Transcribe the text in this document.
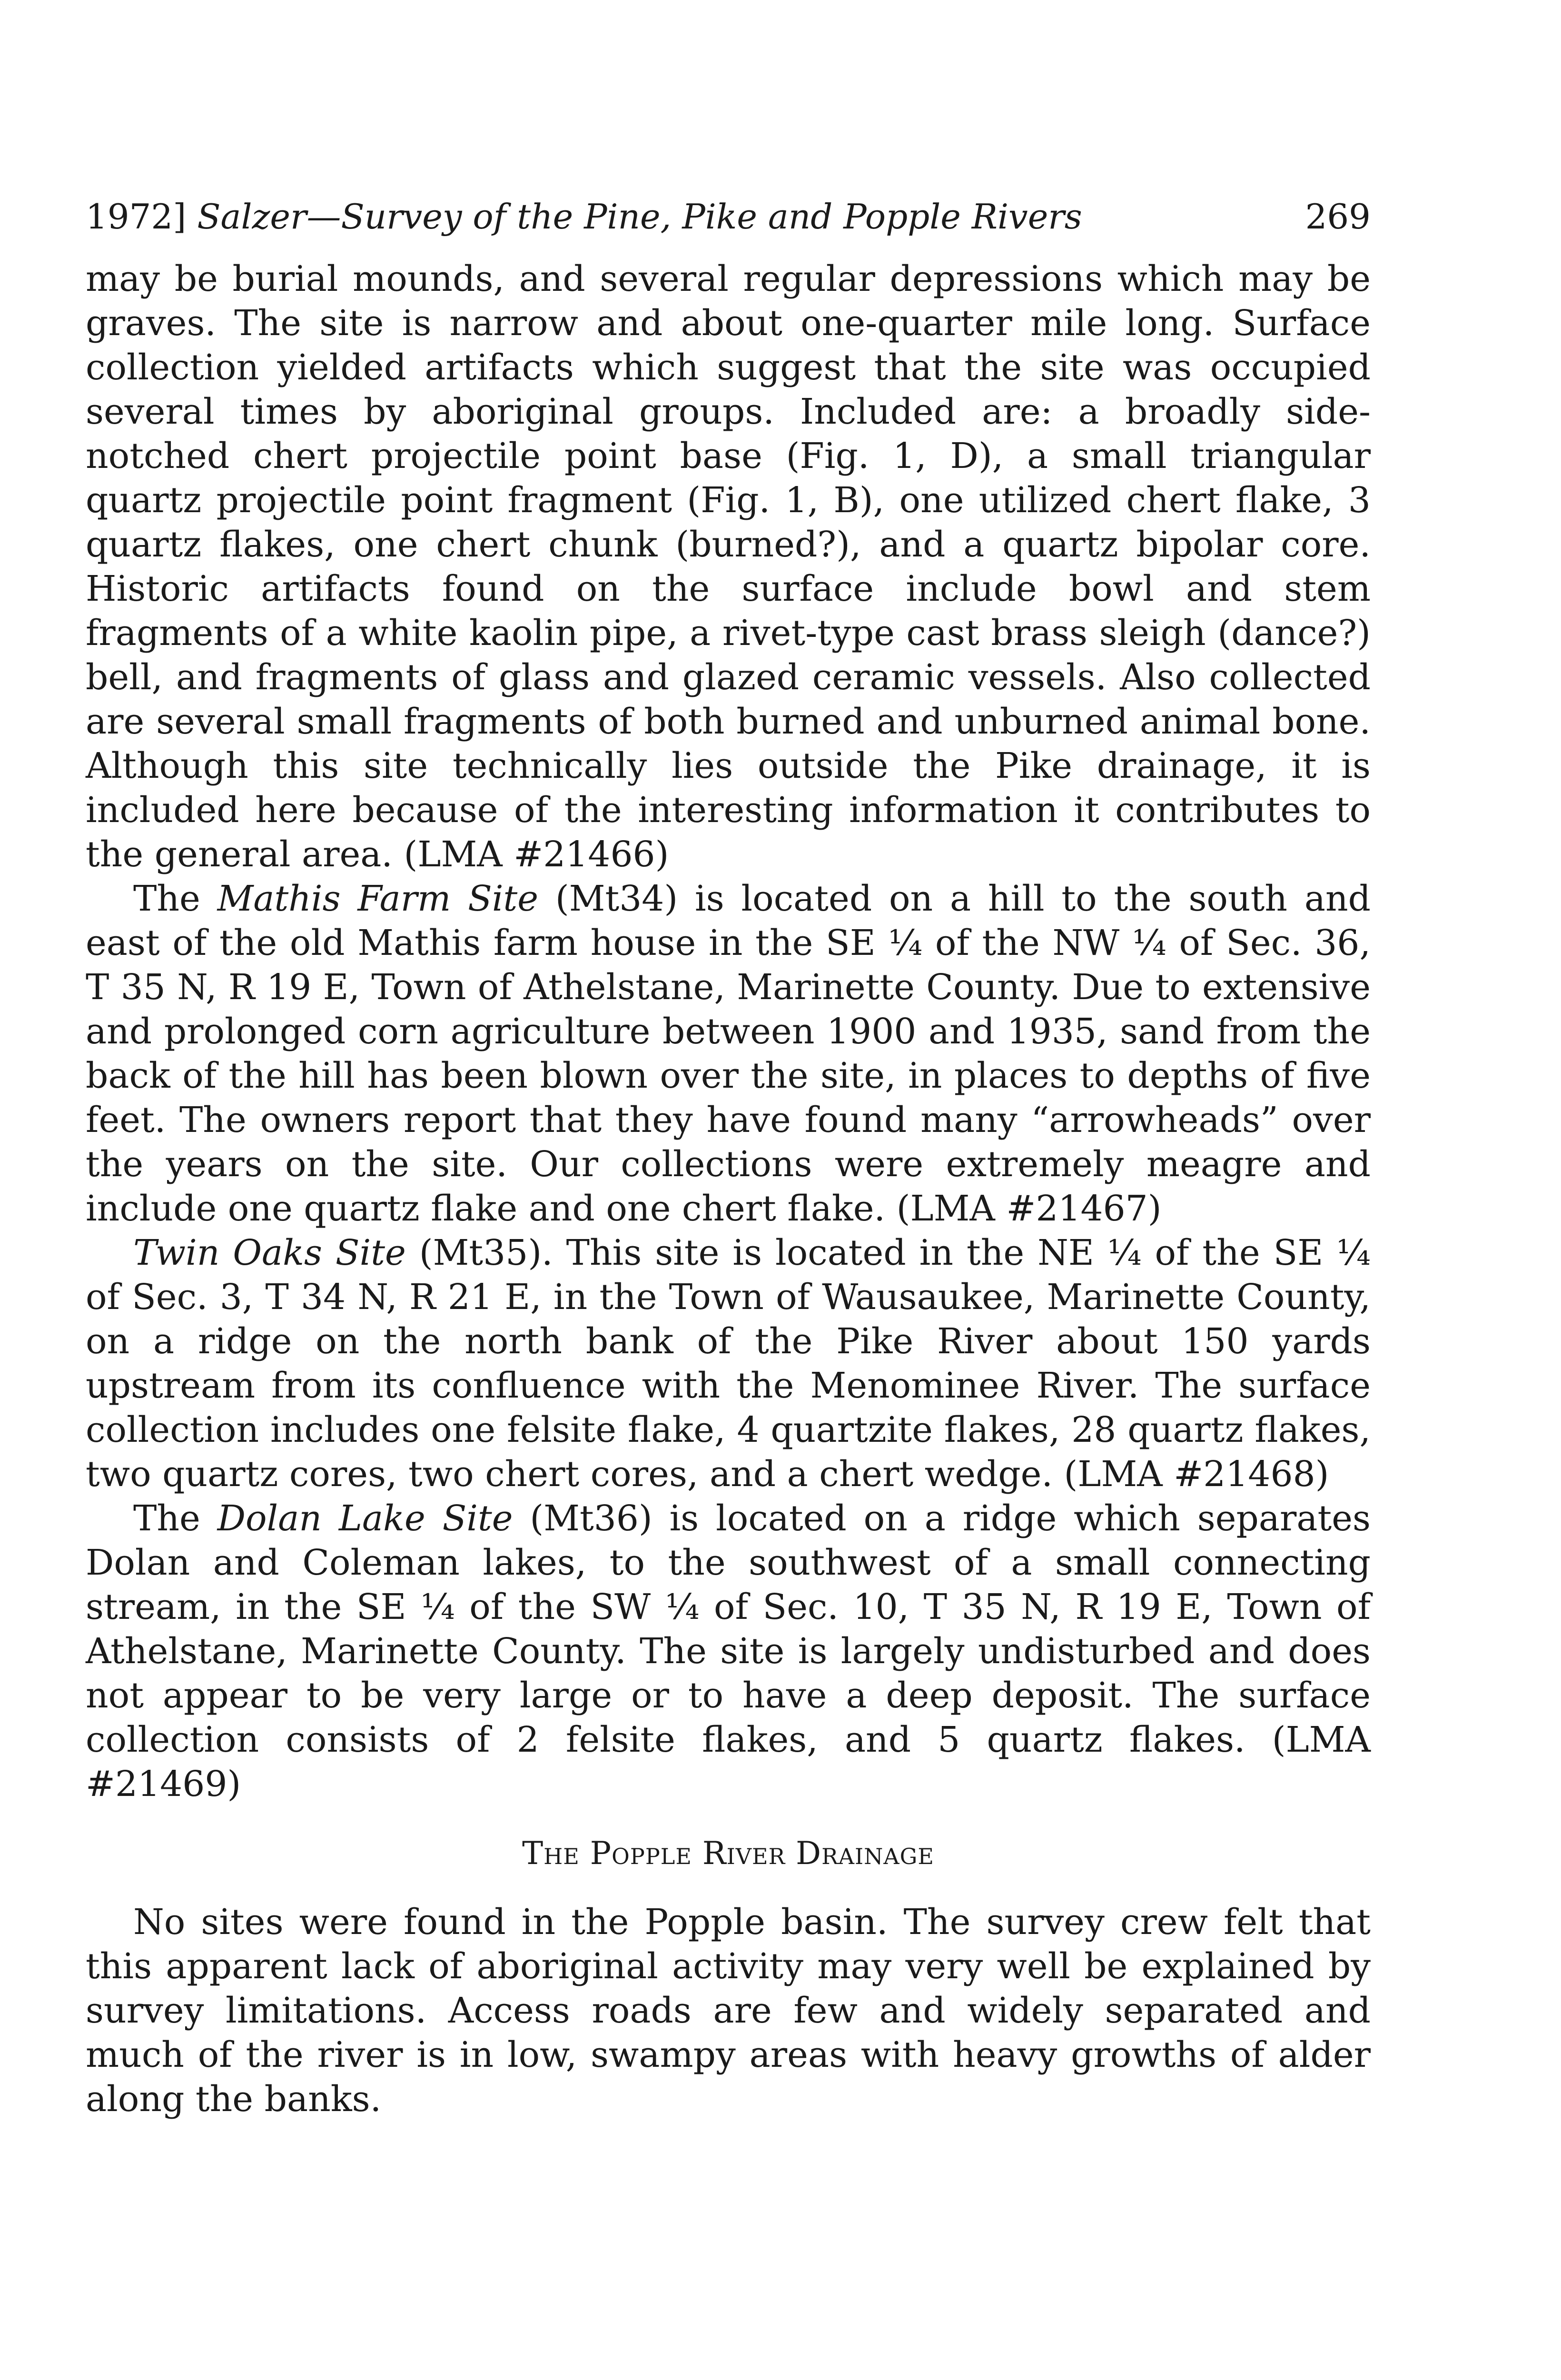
1972] Salzer—Survey of the Pine, Pike and Popple Rivers	269

may be burial mounds, and several regular depressions which may be graves. The site is narrow and about one-quarter mile long. Surface collection yielded artifacts which suggest that the site was occupied several times by aboriginal groups. Included are: a broadly side-notched chert projectile point base (Fig. 1, D), a small triangular quartz projectile point fragment (Fig. 1, B), one utilized chert flake, 3 quartz flakes, one chert chunk (burned?), and a quartz bipolar core. Historic artifacts found on the surface include bowl and stem fragments of a white kaolin pipe, a rivet-type cast brass sleigh (dance?) bell, and fragments of glass and glazed ceramic vessels. Also collected are several small fragments of both burned and unburned animal bone. Although this site technically lies outside the Pike drainage, it is included here because of the interesting information it contributes to the general area. (LMA #21466)

The Mathis Farm Site (Mt34) is located on a hill to the south and east of the old Mathis farm house in the SE ¼ of the NW ¼ of Sec. 36, T 35 N, R 19 E, Town of Athelstane, Marinette County. Due to extensive and prolonged corn agriculture between 1900 and 1935, sand from the back of the hill has been blown over the site, in places to depths of five feet. The owners report that they have found many “arrowheads” over the years on the site. Our collections were extremely meagre and include one quartz flake and one chert flake. (LMA #21467)

Twin Oaks Site (Mt35). This site is located in the NE ¼ of the SE ¼ of Sec. 3, T 34 N, R 21 E, in the Town of Wausaukee, Marinette County, on a ridge on the north bank of the Pike River about 150 yards upstream from its confluence with the Menominee River. The surface collection includes one felsite flake, 4 quartzite flakes, 28 quartz flakes, two quartz cores, two chert cores, and a chert wedge. (LMA #21468)

The Dolan Lake Site (Mt36) is located on a ridge which separates Dolan and Coleman lakes, to the southwest of a small connecting stream, in the SE ¼ of the SW ¼ of Sec. 10, T 35 N, R 19 E, Town of Athelstane, Marinette County. The site is largely undisturbed and does not appear to be very large or to have a deep deposit. The surface collection consists of 2 felsite flakes, and 5 quartz flakes. (LMA #21469)

The Popple River Drainage

No sites were found in the Popple basin. The survey crew felt that this apparent lack of aboriginal activity may very well be explained by survey limitations. Access roads are few and widely separated and much of the river is in low, swampy areas with heavy growths of alder along the banks.
